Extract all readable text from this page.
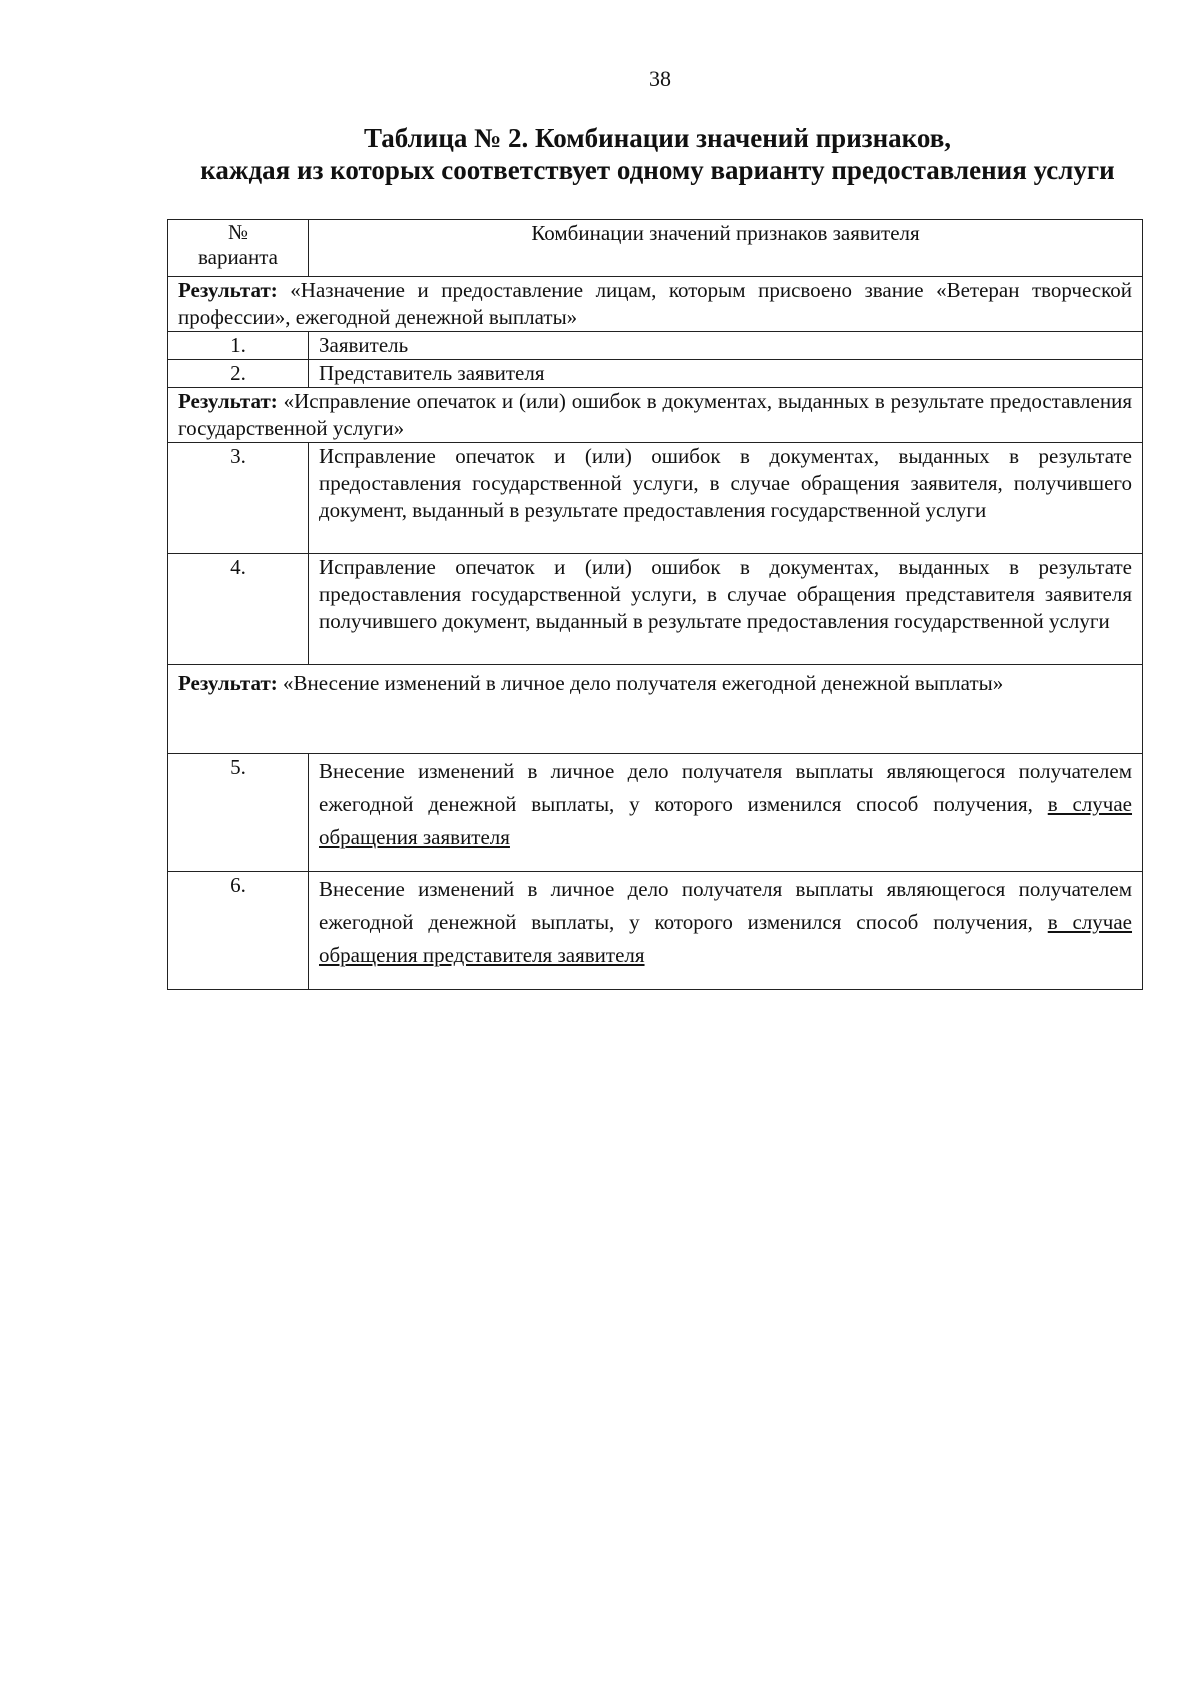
38
Таблица № 2. Комбинации значений признаков,
каждая из которых соответствует одному варианту предоставления услуги
№
варианта	Комбинации значений признаков заявителя
Результат: «Назначение и предоставление лицам, которым присвоено звание «Ветеран творческой профессии», ежегодной денежной выплаты»	
1.	Заявитель
2.	Представитель заявителя
Результат: «Исправление опечаток и (или) ошибок в документах, выданных в результате предоставления государственной услуги»	
3.	Исправление опечаток и (или) ошибок в документах, выданных в результате предоставления государственной услуги, в случае обращения заявителя, получившего документ, выданный в результате предоставления государственной услуги
4.	Исправление опечаток и (или) ошибок в документах, выданных в результате предоставления государственной услуги, в случае обращения представителя заявителя получившего документ, выданный в результате предоставления государственной услуги
Результат: «Внесение изменений в личное дело получателя ежегодной денежной выплаты»	
5.	Внесение изменений в личное дело получателя выплаты являющегося получателем ежегодной денежной выплаты, у которого изменился способ получения, в случае обращения заявителя
6.	Внесение изменений в личное дело получателя выплаты являющегося получателем ежегодной денежной выплаты, у которого изменился способ получения, в случае обращения представителя заявителя
